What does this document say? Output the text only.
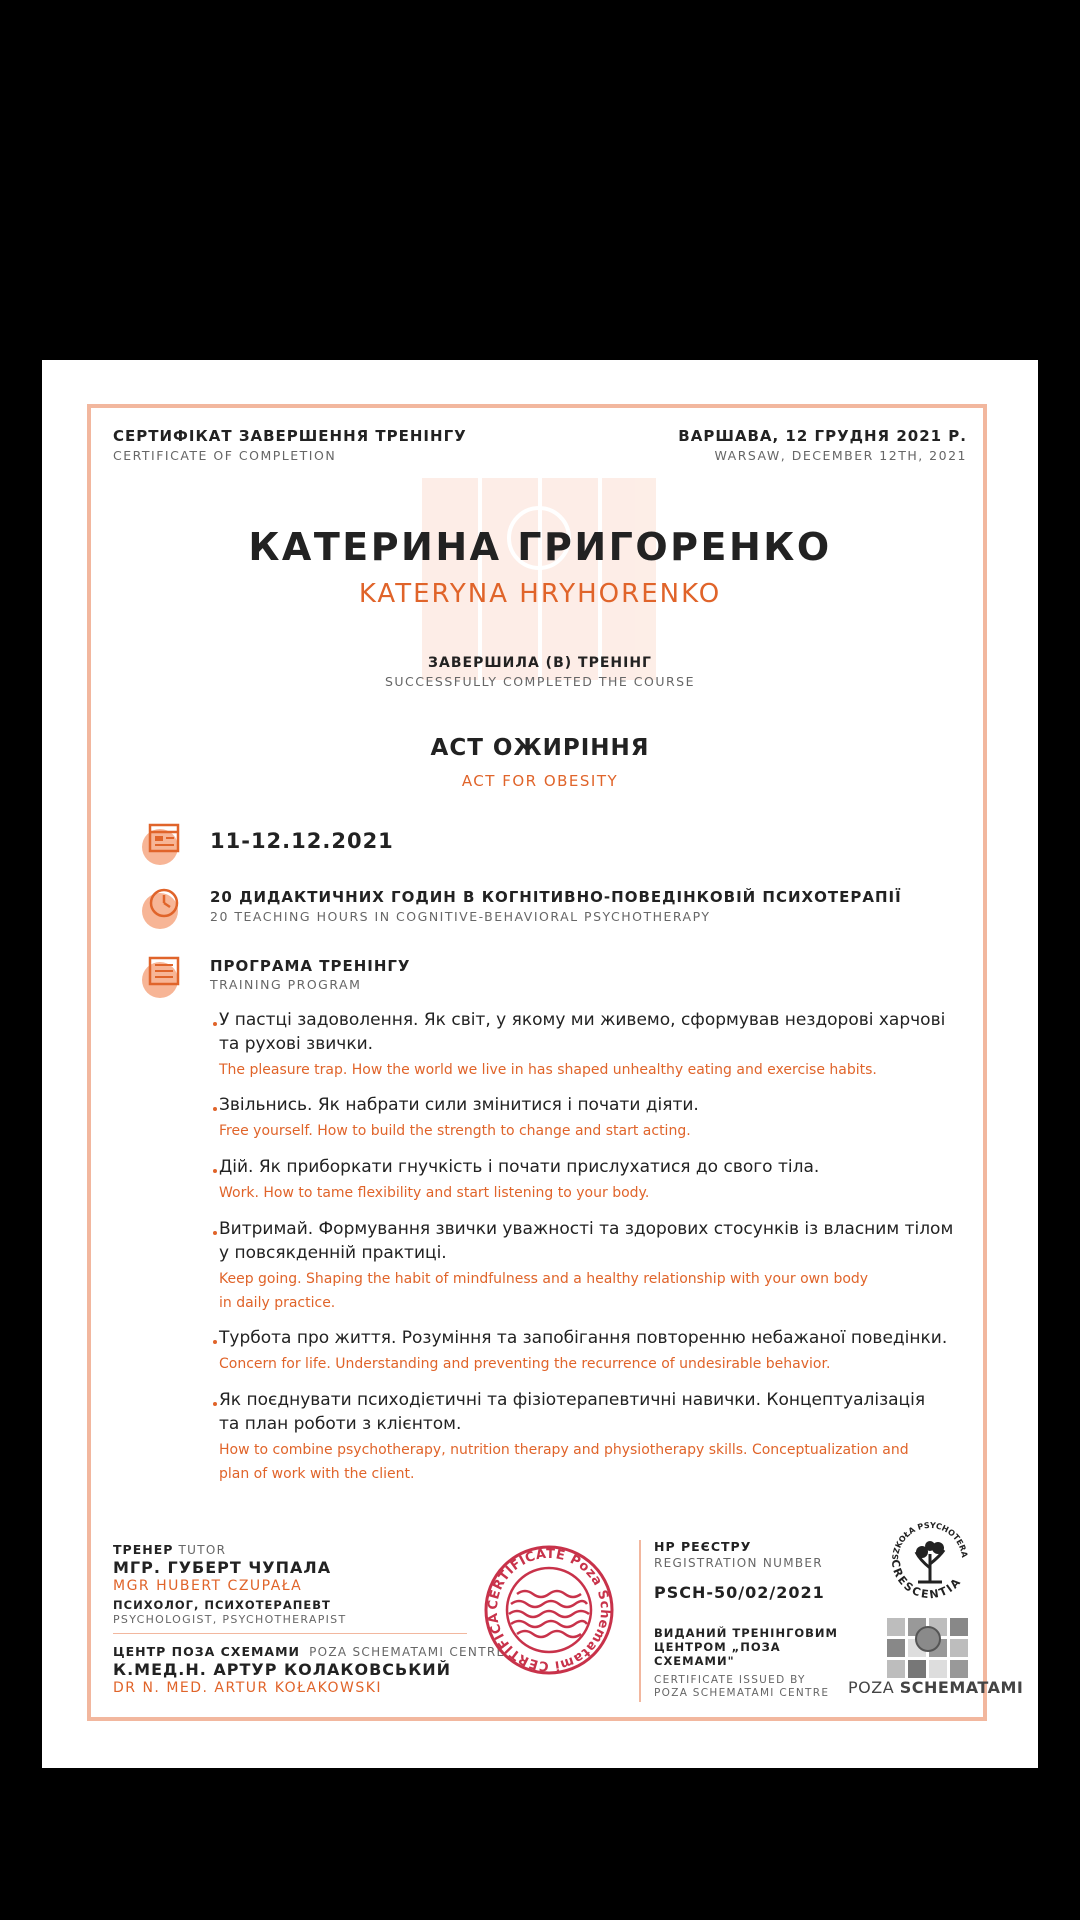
СЕРТИФІКАТ ЗАВЕРШЕННЯ ТРЕНІНГУ
CERTIFICATE OF COMPLETION
ВАРШАВА, 12 ГРУДНЯ 2021 Р.
WARSAW, DECEMBER 12TH, 2021
КАТЕРИНА ГРИГОРЕНКО
KATERYNA HRYHORENKO
ЗАВЕРШИЛА (В) ТРЕНІНГ
SUCCESSFULLY COMPLETED THE COURSE
ACT ОЖИРІННЯ
ACT FOR OBESITY
11-12.12.2021
20 ДИДАКТИЧНИХ ГОДИН В КОГНІТИВНО-ПОВЕДІНКОВІЙ ПСИХОТЕРАПІЇ
20 TEACHING HOURS IN COGNITIVE-BEHAVIORAL PSYCHOTHERAPY
ПРОГРАМА ТРЕНІНГУ
TRAINING PROGRAM
У пастці задоволення. Як світ, у якому ми живемо, сформував нездорові харчові
та рухові звички.
The pleasure trap. How the world we live in has shaped unhealthy eating and exercise habits.
Звільнись. Як набрати сили змінитися і почати діяти.
Free yourself. How to build the strength to change and start acting.
Дій. Як приборкати гнучкість і почати прислухатися до свого тіла.
Work. How to tame flexibility and start listening to your body.
Витримай. Формування звички уважності та здорових стосунків із власним тілом
у повсякденній практиці.
Keep going. Shaping the habit of mindfulness and a healthy relationship with your own body
in daily practice.
Турбота про життя. Розуміння та запобігання повторенню небажаної поведінки.
Concern for life. Understanding and preventing the recurrence of undesirable behavior.
Як поєднувати психодієтичні та фізіотерапевтичні навички. Концептуалізація
та план роботи з клієнтом.
How to combine psychotherapy, nutrition therapy and physiotherapy skills. Conceptualization and
plan of work with the client.
ТРЕНЕР TUTOR
МГР. ГУБЕРТ ЧУПАЛА
MGR HUBERT CZUPAŁA
ПСИХОЛОГ, ПСИХОТЕРАПЕВТ
PSYCHOLOGIST, PSYCHOTHERAPIST
ЦЕНТР ПОЗА СХЕМАМИ POZA SCHEMATAMI CENTRE
К.МЕД.Н. АРТУР КОЛАКОВСЬКИЙ
DR N. MED. ARTUR KOŁAKOWSKI
CERTIFICATE Poza Schematami CERTIFICA
НР РЕЄСТРУ
REGISTRATION NUMBER
PSCH-50/02/2021
ВИДАНИЙ ТРЕНІНГОВИМ
ЦЕНТРОМ „ПОЗА
СХЕМАМИ"
CERTIFICATE ISSUED BY
POZA SCHEMATAMI CENTRE
SZKOŁA PSYCHOTERA
CRESCENTIA
POZA SCHEMATAMI
